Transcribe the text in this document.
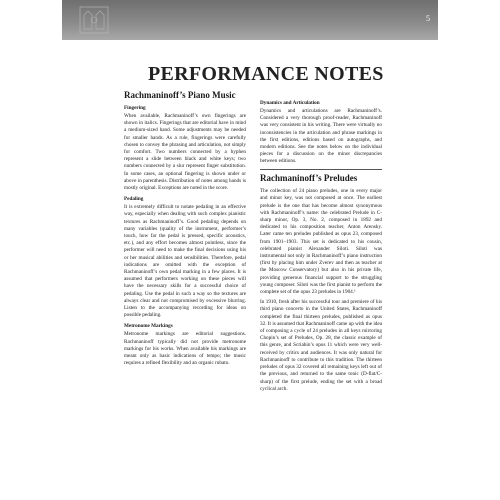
5
PERFORMANCE NOTES
Rachmaninoff’s Piano Music
Fingering

When available, Rachmaninoff’s own fingerings are shown in italics. Fingerings that are editorial have in mind a medium-sized hand. Some adjustments may be needed for smaller hands. As a rule, fingerings were carefully chosen to convey the phrasing and articulation, not simply for comfort. Two numbers connected by a hyphen represent a slide between black and white keys; two numbers connected by a slur represent finger substitution. In some cases, an optional fingering is shown under or above in parenthesis. Distribution of notes among hands is mostly original. Exceptions are noted in the score.

Pedaling

It is extremely difficult to notate pedaling in an effective way, especially when dealing with such complex pianistic textures as Rachmaninoff’s. Good pedaling depends on many variables (quality of the instrument, performer’s touch, how far the pedal is pressed, specific acoustics, etc.), and any effort becomes almost pointless, since the performer will need to make the final decisions using his or her musical abilities and sensibilities. Therefore, pedal indications are omitted with the exception of Rachmaninoff’s own pedal marking in a few places. It is assumed that performers working on these pieces will have the necessary skills for a successful choice of pedaling. Use the pedal in such a way so the textures are always clear and not compromised by excessive blurring. Listen to the accompanying recording for ideas on possible pedaling.

Metronome Markings

Metronome markings are editorial suggestions. Rachmaninoff typically did not provide metronome markings for his works. When available his markings are meant only as basic indications of tempo; the music requires a refined flexibility and an organic rubato.

Dynamics and Articulation

Dynamics and articulations are Rachmaninoff’s. Considered a very thorough proof-reader, Rachmaninoff was very consistent in his writing. There were virtually no inconsistencies in the articulation and phrase markings in the first editions, editions based on autographs, and modern editions. See the notes below on the individual pieces for a discussion on the minor discrepancies between editions.

Rachmaninoff’s Preludes

The collection of 24 piano preludes, one in every major and minor key, was not composed at once. The earliest prelude is the one that has become almost synonymous with Rachmaninoff’s name: the celebrated Prelude in C-sharp minor, Op. 3, No. 2, composed in 1892 and dedicated to his composition teacher, Anton Arensky. Later came ten preludes published as opus 23, composed from 1901–1903. This set is dedicated to his cousin, celebrated pianist Alexander Siloti. Siloti was instrumental not only in Rachmaninoff’s piano instruction (first by placing him under Zverev and then as teacher at the Moscow Conservatory) but also in his private life, providing generous financial support to the struggling young composer. Siloti was the first pianist to perform the complete set of the opus 23 preludes in 1904.¹

In 1910, fresh after his successful tour and premiere of his third piano concerto in the United States, Rachmaninoff completed the final thirteen preludes, published as opus 32. It is assumed that Rachmaninoff came up with the idea of composing a cycle of 24 preludes in all keys mirroring Chopin’s set of Preludes, Op. 28, the classic example of this genre, and Scriabin’s opus 11 which were very well-received by critics and audiences. It was only natural for Rachmaninoff to contribute to this tradition. The thirteen preludes of opus 32 covered all remaining keys left out of the previous, and returned to the same tonic (D-flat/C-sharp) of the first prelude, ending the set with a broad cyclical arch.
